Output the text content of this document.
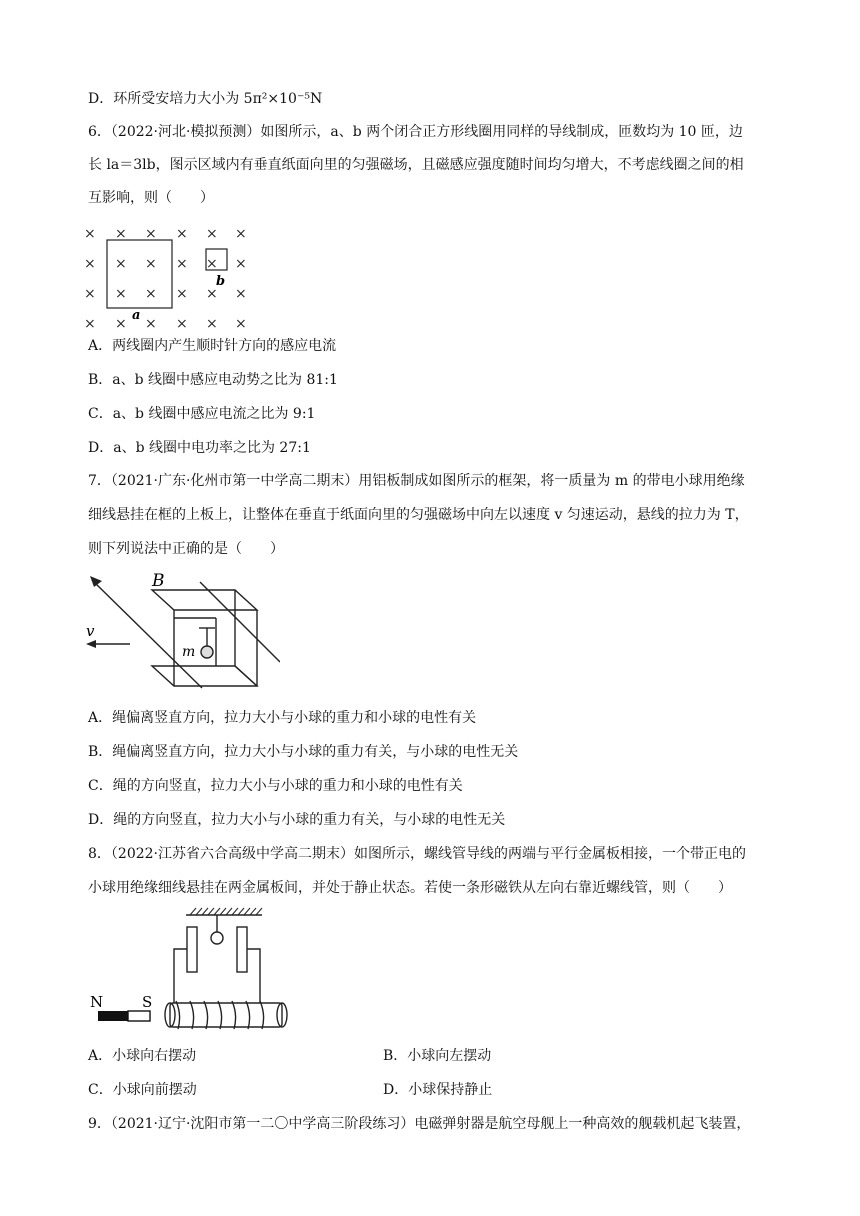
D．环所受安培力大小为 5π²×10⁻⁵N
6．（2022·河北·模拟预测）如图所示，a、b 两个闭合正方形线圈用同样的导线制成，匝数均为 10 匝，边
长 la＝3lb，图示区域内有垂直纸面向里的匀强磁场，且磁感应强度随时间均匀增大，不考虑线圈之间的相
互影响，则（　　）
× × × × × ×
× × × × × ×
× × × × × ×
× × × × × ×
b
a
A．两线圈内产生顺时针方向的感应电流
B．a、b 线圈中感应电动势之比为 81:1
C．a、b 线圈中感应电流之比为 9:1
D．a、b 线圈中电功率之比为 27:1
7．（2021·广东·化州市第一中学高二期末）用铝板制成如图所示的框架，将一质量为 m 的带电小球用绝缘
细线悬挂在框的上板上，让整体在垂直于纸面向里的匀强磁场中向左以速度 v 匀速运动，悬线的拉力为 T，
则下列说法中正确的是（　　）
B
v
m
A．绳偏离竖直方向，拉力大小与小球的重力和小球的电性有关
B．绳偏离竖直方向，拉力大小与小球的重力有关，与小球的电性无关
C．绳的方向竖直，拉力大小与小球的重力和小球的电性有关
D．绳的方向竖直，拉力大小与小球的重力有关，与小球的电性无关
8．（2022·江苏省六合高级中学高二期末）如图所示，螺线管导线的两端与平行金属板相接，一个带正电的
小球用绝缘细线悬挂在两金属板间，并处于静止状态。若使一条形磁铁从左向右靠近螺线管，则（　　）
N	S
A．小球向右摆动	B．小球向左摆动
C．小球向前摆动	D．小球保持静止
9．（2021·辽宁·沈阳市第一二〇中学高三阶段练习）电磁弹射器是航空母舰上一种高效的舰载机起飞装置，
